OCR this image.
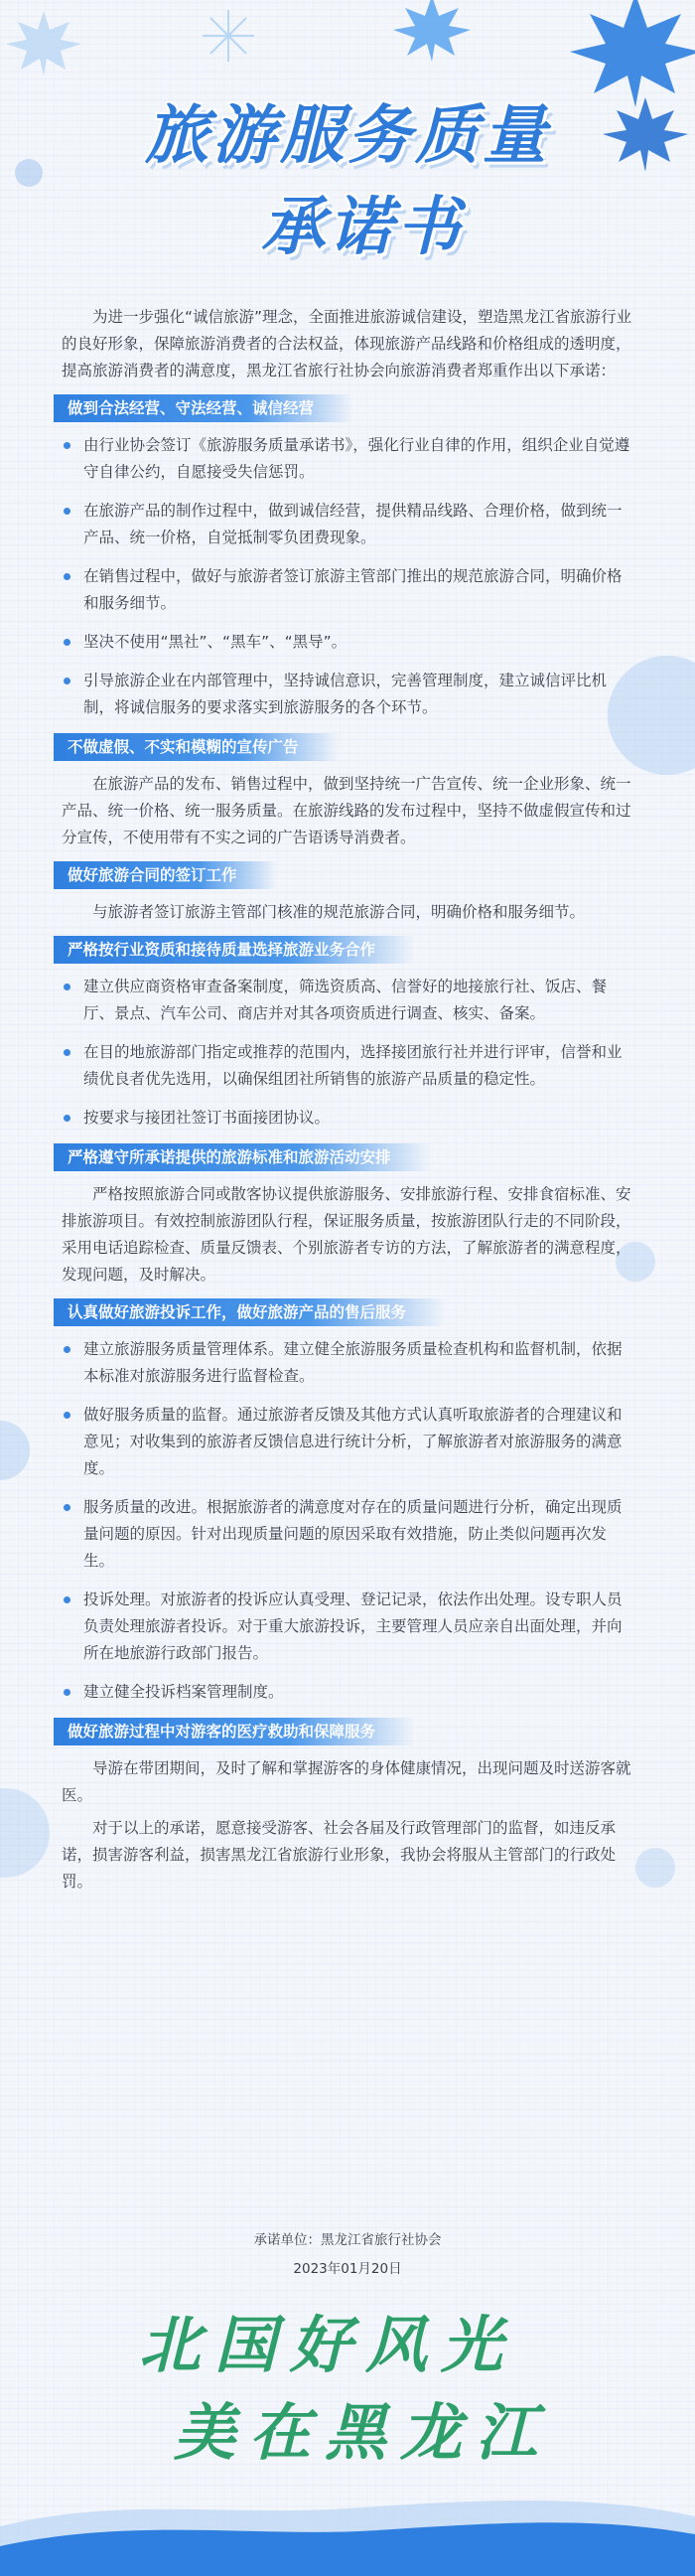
旅游服务质量
承诺书

为进一步强化“诚信旅游”理念，全面推进旅游诚信建设，塑造黑龙江省旅游行业的良好形象，保障旅游消费者的合法权益，体现旅游产品线路和价格组成的透明度，提高旅游消费者的满意度，黑龙江省旅行社协会向旅游消费者郑重作出以下承诺：

做到合法经营、守法经营、诚信经营
由行业协会签订《旅游服务质量承诺书》，强化行业自律的作用，组织企业自觉遵守自律公约，自愿接受失信惩罚。
在旅游产品的制作过程中，做到诚信经营，提供精品线路、合理价格，做到统一产品、统一价格，自觉抵制零负团费现象。
在销售过程中，做好与旅游者签订旅游主管部门推出的规范旅游合同，明确价格和服务细节。
坚决不使用“黑社”、“黑车”、“黑导”。
引导旅游企业在内部管理中，坚持诚信意识，完善管理制度，建立诚信评比机制，将诚信服务的要求落实到旅游服务的各个环节。
不做虚假、不实和模糊的宣传广告

在旅游产品的发布、销售过程中，做到坚持统一广告宣传、统一企业形象、统一产品、统一价格、统一服务质量。在旅游线路的发布过程中，坚持不做虚假宣传和过分宣传，不使用带有不实之词的广告语诱导消费者。

做好旅游合同的签订工作

与旅游者签订旅游主管部门核准的规范旅游合同，明确价格和服务细节。

严格按行业资质和接待质量选择旅游业务合作
建立供应商资格审查备案制度，筛选资质高、信誉好的地接旅行社、饭店、餐厅、景点、汽车公司、商店并对其各项资质进行调查、核实、备案。
在目的地旅游部门指定或推荐的范围内，选择接团旅行社并进行评审，信誉和业绩优良者优先选用，以确保组团社所销售的旅游产品质量的稳定性。
按要求与接团社签订书面接团协议。
严格遵守所承诺提供的旅游标准和旅游活动安排

严格按照旅游合同或散客协议提供旅游服务、安排旅游行程、安排食宿标准、安排旅游项目。有效控制旅游团队行程，保证服务质量，按旅游团队行走的不同阶段，采用电话追踪检查、质量反馈表、个别旅游者专访的方法，了解旅游者的满意程度，发现问题，及时解决。

认真做好旅游投诉工作，做好旅游产品的售后服务
建立旅游服务质量管理体系。建立健全旅游服务质量检查机构和监督机制，依据本标准对旅游服务进行监督检查。
做好服务质量的监督。通过旅游者反馈及其他方式认真听取旅游者的合理建议和意见；对收集到的旅游者反馈信息进行统计分析，了解旅游者对旅游服务的满意度。
服务质量的改进。根据旅游者的满意度对存在的质量问题进行分析，确定出现质量问题的原因。针对出现质量问题的原因采取有效措施，防止类似问题再次发生。
投诉处理。对旅游者的投诉应认真受理、登记记录，依法作出处理。设专职人员负责处理旅游者投诉。对于重大旅游投诉，主要管理人员应亲自出面处理，并向所在地旅游行政部门报告。
建立健全投诉档案管理制度。
做好旅游过程中对游客的医疗救助和保障服务

导游在带团期间，及时了解和掌握游客的身体健康情况，出现问题及时送游客就医。

对于以上的承诺，愿意接受游客、社会各届及行政管理部门的监督，如违反承诺，损害游客利益，损害黑龙江省旅游行业形象，我协会将服从主管部门的行政处罚。

承诺单位：黑龙江省旅行社协会
2023年01月20日
北国好风光
美在黑龙江
